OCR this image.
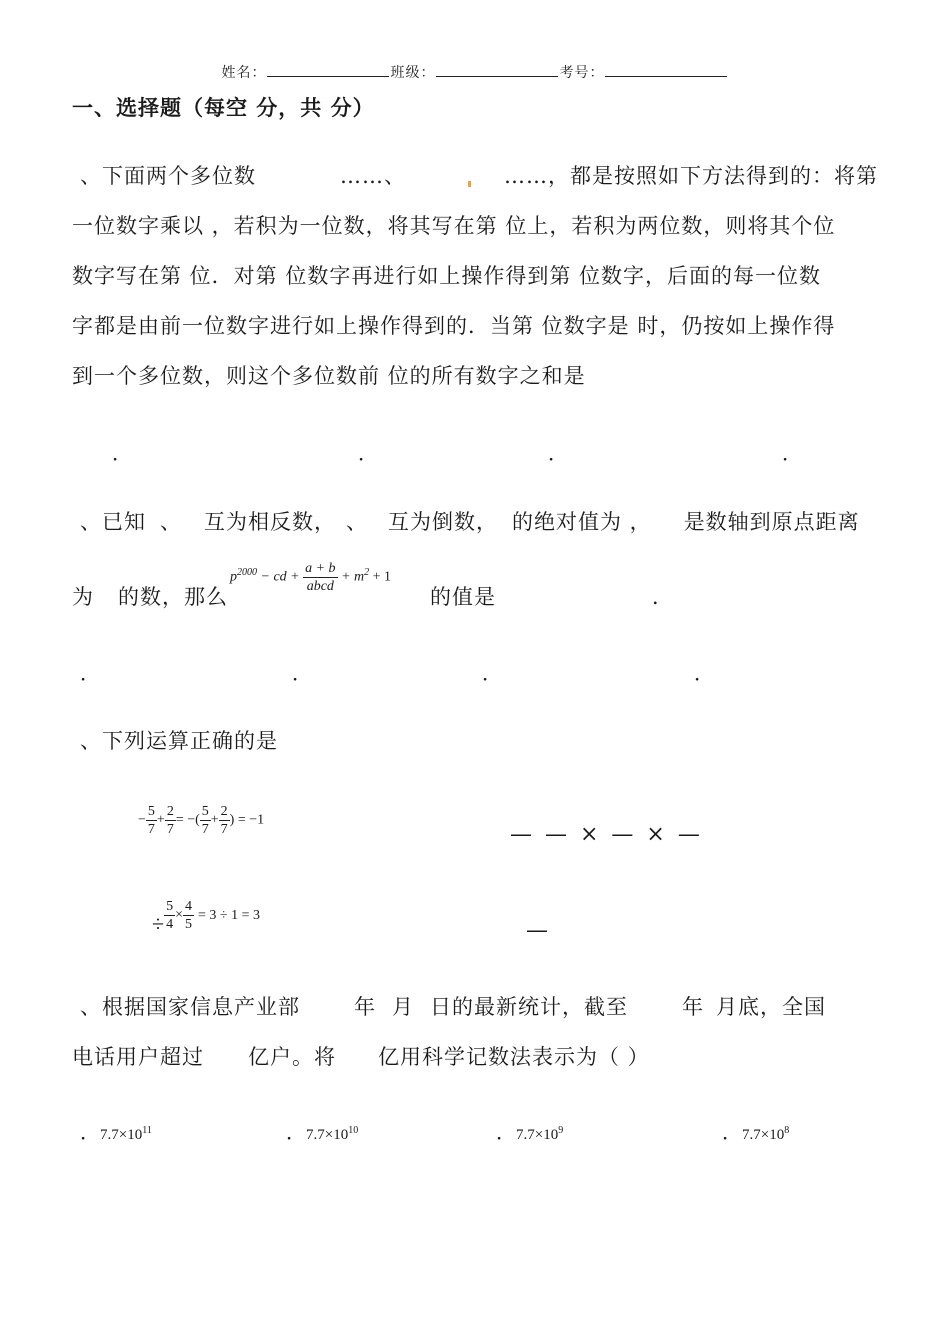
姓名：	班级：	考号：
一、选择题（每空 分，共 分）
、下面两个多位数	……、	……，都是按照如下方法得到的：将第
一位数字乘以 ，若积为一位数，将其写在第 位上，若积为两位数，则将其个位
数字写在第 位．对第 位数字再进行如上操作得到第 位数字，后面的每一位数
字都是由前一位数字进行如上操作得到的．当第 位数字是 时，仍按如上操作得
到一个多位数，则这个多位数前 位的所有数字之和是
．	．	．	．
、已知 、 互为相反数， 、 互为倒数， 的绝对值为 ， 是数轴到原点距离
为 的数，那么
$p^{2000}$ − cd + $\frac{a + b}{\text{abcd}} + m^2 + 1$
的值是	．
．	．	．	．
、下列运算正确的是
− $\frac{5}{7} + \frac{2}{7}$ = −( $\frac{5}{7} + \frac{2}{7}$ ) = −1
— — × — × —
÷ $\frac{5}{4} \times \frac{4}{5} = 3 \div 1 = 3$
—
、根据国家信息产业部	年 月 日的最新统计，截至	年 月底，全国
电话用户超过 亿户。将 亿用科学记数法表示为（ ）
．$7.7\times 10^{11}$	．$7.7\times 10^{10}$	．$7.7\times 10^9$	．$7.7\times 10^8$
